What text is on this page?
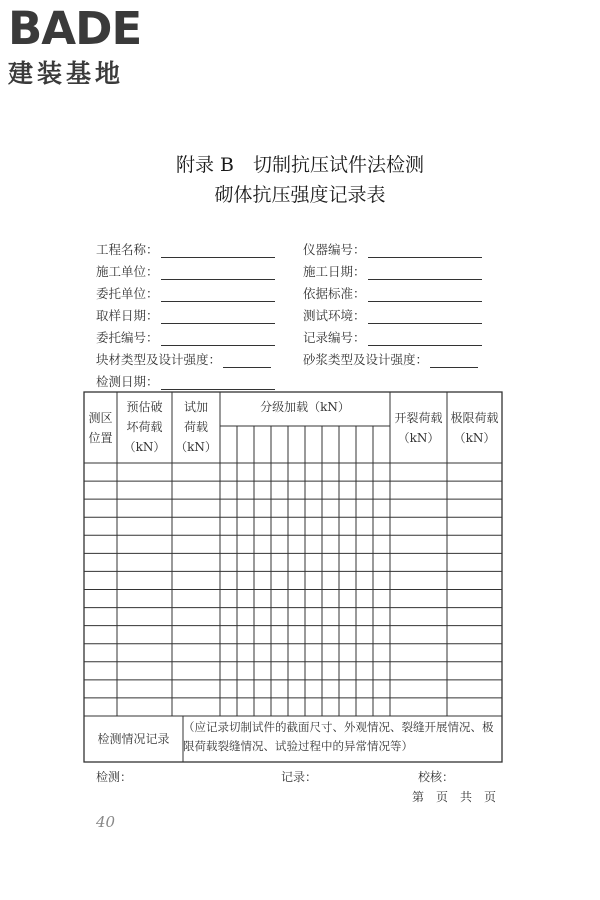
BADE
建装基地
附录 B　切制抗压试件法检测
砌体抗压强度记录表
工程名称：
施工单位：
委托单位：
取样日期：
委托编号：
块材类型及设计强度：
检测日期：
仪器编号：
施工日期：
依据标准：
测试环境：
记录编号：
砂浆类型及设计强度：
测区
位置
预估破
坏荷载
（kN）
试加
荷载
（kN）
分级加载（kN）
开裂荷载
（kN）
极限荷载
（kN）
检测情况记录
（应记录切制试件的截面尺寸、外观情况、裂缝开展情况、极限荷载裂缝情况、试验过程中的异常情况等）
检测：	记录：	校核：
第　页　共　页
40
